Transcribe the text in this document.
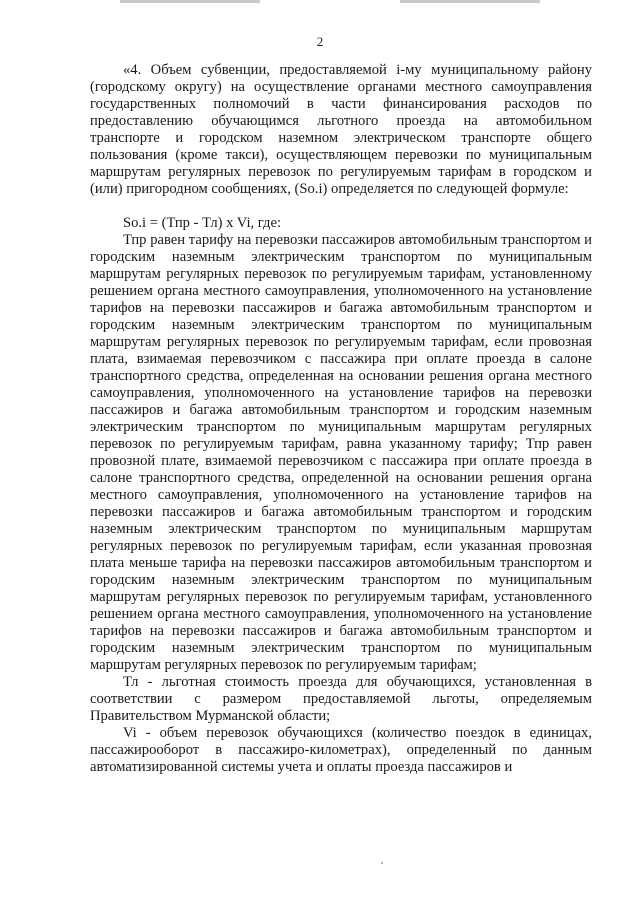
2

«4. Объем субвенции, предоставляемой i-му муниципальному району (городскому округу) на осуществление органами местного самоуправления государственных полномочий в части финансирования расходов по предоставлению обучающимся льготного проезда на автомобильном транспорте и городском наземном электрическом транспорте общего пользования (кроме такси), осуществляющем перевозки по муниципальным маршрутам регулярных перевозок по регулируемым тарифам в городском и (или) пригородном сообщениях, (So.i) определяется по следующей формуле:

So.i = (Тпр - Тл) x Vi, где:

Тпр равен тарифу на перевозки пассажиров автомобильным транспортом и городским наземным электрическим транспортом по муниципальным маршрутам регулярных перевозок по регулируемым тарифам, установленному решением органа местного самоуправления, уполномоченного на установление тарифов на перевозки пассажиров и багажа автомобильным транспортом и городским наземным электрическим транспортом по муниципальным маршрутам регулярных перевозок по регулируемым тарифам, если провозная плата, взимаемая перевозчиком с пассажира при оплате проезда в салоне транспортного средства, определенная на основании решения органа местного самоуправления, уполномоченного на установление тарифов на перевозки пассажиров и багажа автомобильным транспортом и городским наземным электрическим транспортом по муниципальным маршрутам регулярных перевозок по регулируемым тарифам, равна указанному тарифу; Тпр равен провозной плате, взимаемой перевозчиком с пассажира при оплате проезда в салоне транспортного средства, определенной на основании решения органа местного самоуправления, уполномоченного на установление тарифов на перевозки пассажиров и багажа автомобильным транспортом и городским наземным электрическим транспортом по муниципальным маршрутам регулярных перевозок по регулируемым тарифам, если указанная провозная плата меньше тарифа на перевозки пассажиров автомобильным транспортом и городским наземным электрическим транспортом по муниципальным маршрутам регулярных перевозок по регулируемым тарифам, установленного решением органа местного самоуправления, уполномоченного на установление тарифов на перевозки пассажиров и багажа автомобильным транспортом и городским наземным электрическим транспортом по муниципальным маршрутам регулярных перевозок по регулируемым тарифам;

Тл - льготная стоимость проезда для обучающихся, установленная в соответствии с размером предоставляемой льготы, определяемым Правительством Мурманской области;

Vi - объем перевозок обучающихся (количество поездок в единицах, пассажирооборот в пассажиро-километрах), определенный по данным автоматизированной системы учета и оплаты проезда пассажиров и
